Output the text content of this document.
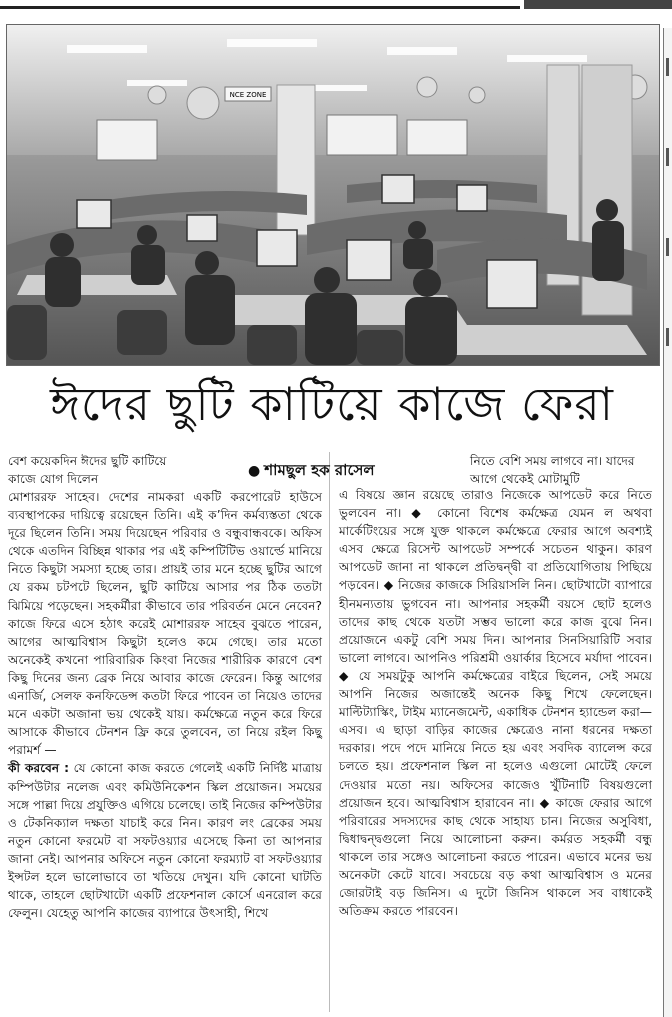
NCE ZONE
ঈদের ছুটি কাটিয়ে কাজে ফেরা
বেশ কয়েকদিন ঈদের ছুটি কাটিয়ে কাজে যোগ দিলেন
● শামছুল হক রাসেল	নিতে বেশি সময় লাগবে না। যাদের আগে থেকেই মোটামুটি

মোশাররফ সাহেব। দেশের নামকরা একটি করপোরেট হাউসে ব্যবস্থাপকের দায়িত্বে রয়েছেন তিনি। এই ক’দিন কর্মব্যস্ততা থেকে দূরে ছিলেন তিনি। সময় দিয়েছেন পরিবার ও বন্ধুবান্ধবকে। অফিস থেকে এতদিন বিচ্ছিন্ন থাকার পর এই কম্পিটিটিভ ওয়ার্ল্ডে মানিয়ে নিতে কিছুটা সমস্যা হচ্ছে তার। প্রায়ই তার মনে হচ্ছে ছুটির আগে যে রকম চটপটে ছিলেন, ছুটি কাটিয়ে আসার পর ঠিক ততটা ঝিমিয়ে পড়েছেন। সহকর্মীরা কীভাবে তার পরিবর্তন মেনে নেবেন? কাজে ফিরে এসে হঠাৎ করেই মোশাররফ সাহেব বুঝতে পারেন, আগের আত্মবিশ্বাস কিছুটা হলেও কমে গেছে। তার মতো অনেকেই কখনো পারিবারিক কিংবা নিজের শারীরিক কারণে বেশ কিছু দিনের জন্য ব্রেক নিয়ে আবার কাজে ফেরেন। কিন্তু আগের এনার্জি, সেলফ কনফিডেন্স কতটা ফিরে পাবেন তা নিয়েও তাদের মনে একটা অজানা ভয় থেকেই যায়। কর্মক্ষেত্রে নতুন করে ফিরে আসাকে কীভাবে টেনশন ফ্রি করে তুলবেন, তা নিয়ে রইল কিছু পরামর্শ —

কী করবেন : যে কোনো কাজ করতে গেলেই একটি নির্দিষ্ট মাত্রায় কম্পিউটার নলেজ এবং কমিউনিকেশন স্কিল প্রয়োজন। সময়ের সঙ্গে পাল্লা দিয়ে প্রযুক্তিও এগিয়ে চলেছে। তাই নিজের কম্পিউটার ও টেকনিক্যাল দক্ষতা যাচাই করে নিন। কারণ লং ব্রেকের সময় নতুন কোনো ফরমেট বা সফটওয়্যার এসেছে কিনা তা আপনার জানা নেই। আপনার অফিসে নতুন কোনো ফরম্যাট বা সফটওয়্যার ইন্সটল হলে ভালোভাবে তা খতিয়ে দেখুন। যদি কোনো ঘাটতি থাকে, তাহলে ছোটখাটো একটি প্রফেশনাল কোর্সে এনরোল করে ফেলুন। যেহেতু আপনি কাজের ব্যাপারে উৎসাহী, শিখে

এ বিষয়ে জ্ঞান রয়েছে তারাও নিজেকে আপডেট করে নিতে ভুলবেন না। ◆ কোনো বিশেষ কর্মক্ষেত্র যেমন ল অথবা মার্কেটিংয়ের সঙ্গে যুক্ত থাকলে কর্মক্ষেত্রে ফেরার আগে অবশ্যই এসব ক্ষেত্রে রিসেন্ট আপডেট সম্পর্কে সচেতন থাকুন। কারণ আপডেট জানা না থাকলে প্রতিদ্বন্দ্বী বা প্রতিযোগিতায় পিছিয়ে পড়বেন। ◆ নিজের কাজকে সিরিয়াসলি নিন। ছোটখাটো ব্যাপারে হীনমন্যতায় ভুগবেন না। আপনার সহকর্মী বয়সে ছোট হলেও তাদের কাছ থেকে যতটা সম্ভব ভালো করে কাজ বুঝে নিন। প্রয়োজনে একটু বেশি সময় দিন। আপনার সিনসিয়ারিটি সবার ভালো লাগবে। আপনিও পরিশ্রমী ওয়ার্কার হিসেবে মর্যাদা পাবেন। ◆ যে সময়টুকু আপনি কর্মক্ষেত্রের বাইরে ছিলেন, সেই সময়ে আপনি নিজের অজান্তেই অনেক কিছু শিখে ফেলেছেন। মাল্টিট্যাস্কিং, টাইম ম্যানেজমেন্ট, একাধিক টেনশন হ্যান্ডেল করা— এসব। এ ছাড়া বাড়ির কাজের ক্ষেত্রেও নানা ধরনের দক্ষতা দরকার। পদে পদে মানিয়ে নিতে হয় এবং সবদিক ব্যালেন্স করে চলতে হয়। প্রফেশনাল স্কিল না হলেও এগুলো মোটেই ফেলে দেওয়ার মতো নয়। অফিসের কাজেও খুঁটিনাটি বিষয়গুলো প্রয়োজন হবে। আত্মবিশ্বাস হারাবেন না। ◆ কাজে ফেরার আগে পরিবারের সদস্যদের কাছ থেকে সাহায্য চান। নিজের অসুবিধা, দ্বিধাদ্বন্দ্বগুলো নিয়ে আলোচনা করুন। কর্মরত সহকর্মী বন্ধু থাকলে তার সঙ্গেও আলোচনা করতে পারেন। এভাবে মনের ভয় অনেকটা কেটে যাবে। সবচেয়ে বড় কথা আত্মবিশ্বাস ও মনের জোরটাই বড় জিনিস। এ দুটো জিনিস থাকলে সব বাধাকেই অতিক্রম করতে পারবেন।
